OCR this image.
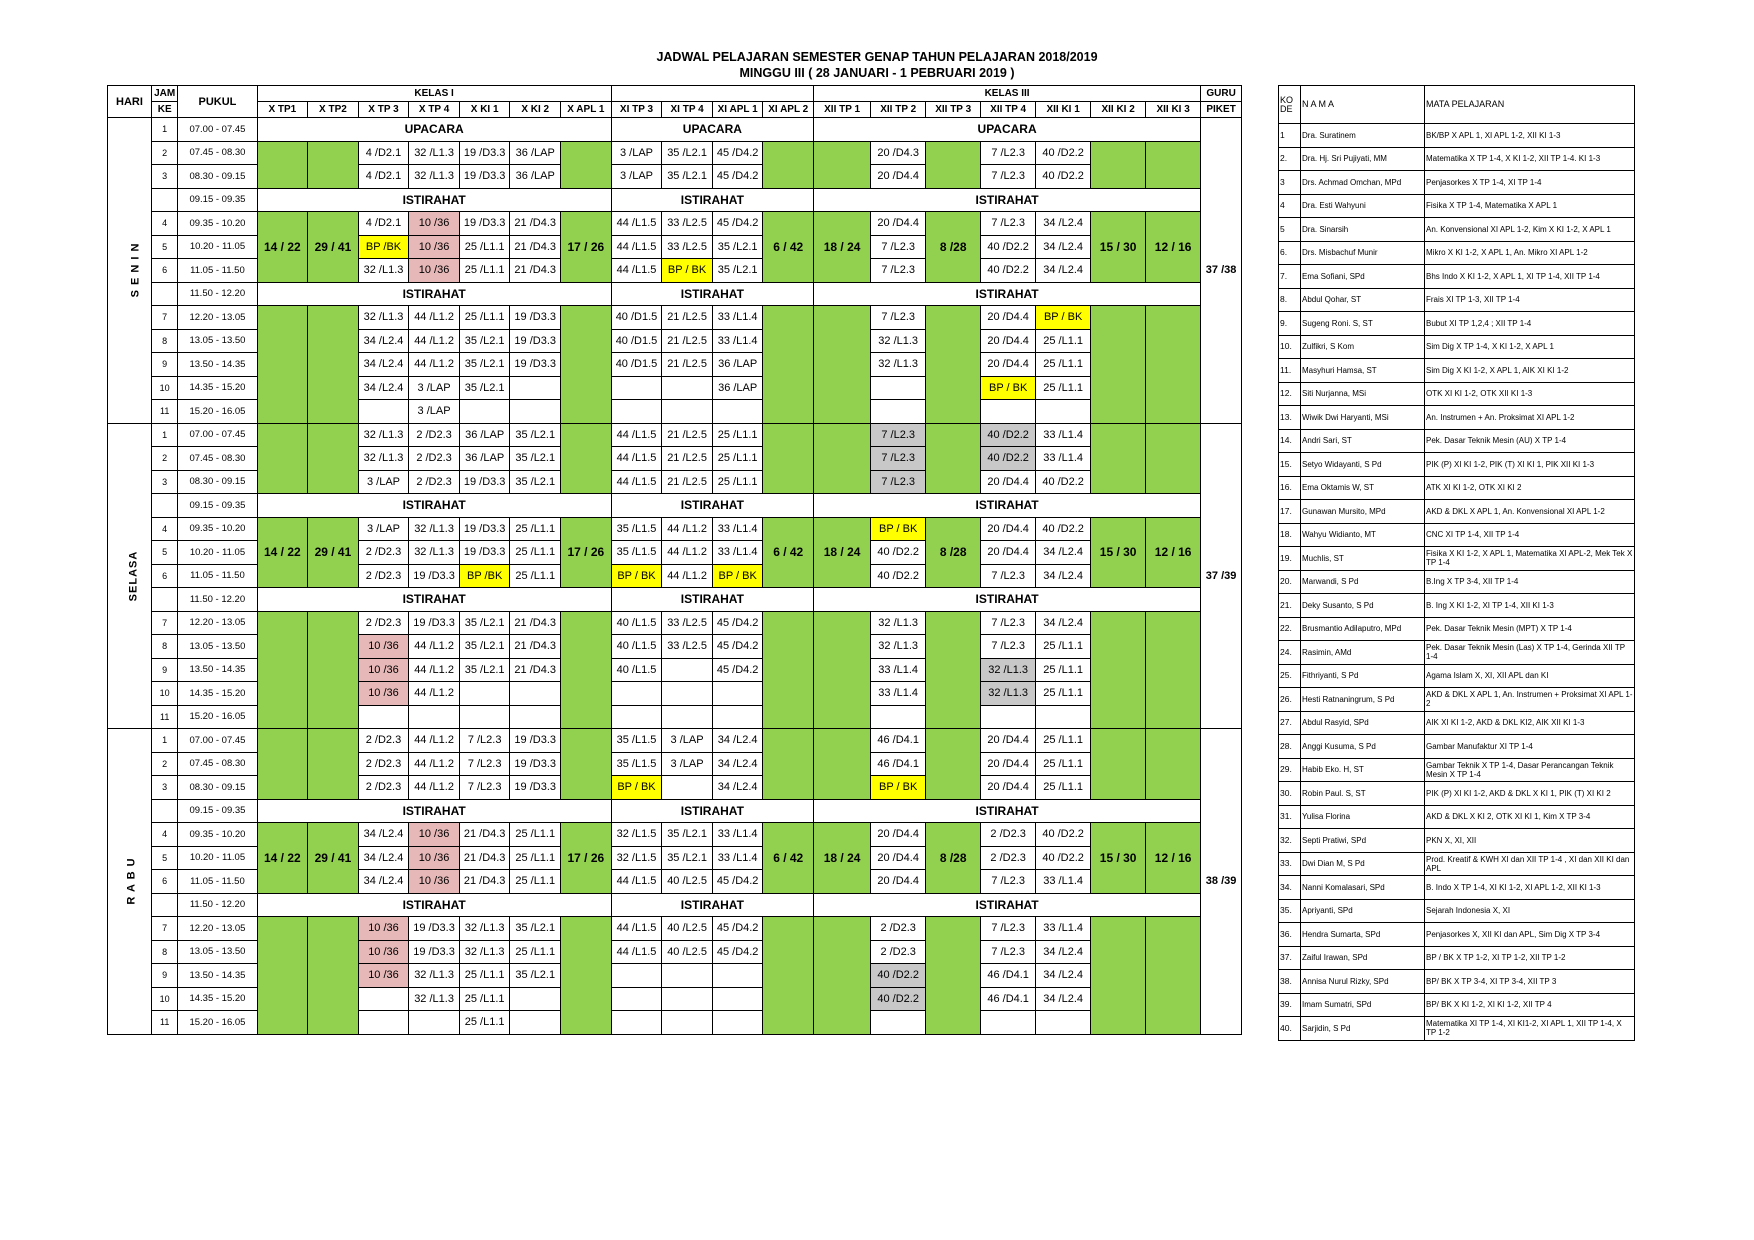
JADWAL PELAJARAN SEMESTER GENAP TAHUN PELAJARAN 2018/2019
MINGGU III ( 28 JANUARI - 1 PEBRUARI 2019 )
HARI	JAM	PUKUL	KELAS I											KELAS III							GURU
	KE		X TP1	X TP2	X TP 3	X TP 4	X KI 1	X KI 2	X APL 1	XI TP 3	XI TP 4	XI APL 1	XI APL 2	XII TP 1	XII TP 2	XII TP 3	XII TP 4	XII KI 1	XII KI 2	XII KI 3	PIKET
S E N I N	1	07.00 - 07.45	UPACARA							UPACARA				UPACARA							37 /38
	2	07.45 - 08.30			4 /D2.1	32 /L1.3	19 /D3.3	36 /LAP		3 /LAP	35 /L2.1	45 /D4.2			20 /D4.3		7 /L2.3	40 /D2.2			
	3	08.30 - 09.15			4 /D2.1	32 /L1.3	19 /D3.3	36 /LAP		3 /LAP	35 /L2.1	45 /D4.2			20 /D4.4		7 /L2.3	40 /D2.2			
		09.15 - 09.35	ISTIRAHAT							ISTIRAHAT				ISTIRAHAT							
	4	09.35 - 10.20	14 / 22	29 / 41	4 /D2.1	10 /36	19 /D3.3	21 /D4.3	17 / 26	44 /L1.5	33 /L2.5	45 /D4.2	6 / 42	18 / 24	20 /D4.4	8 /28	7 /L2.3	34 /L2.4	15 / 30	12 / 16	
	5	10.20 - 11.05			BP /BK	10 /36	25 /L1.1	21 /D4.3		44 /L1.5	33 /L2.5	35 /L2.1			7 /L2.3		40 /D2.2	34 /L2.4			
	6	11.05 - 11.50			32 /L1.3	10 /36	25 /L1.1	21 /D4.3		44 /L1.5	BP / BK	35 /L2.1			7 /L2.3		40 /D2.2	34 /L2.4			
		11.50 - 12.20	ISTIRAHAT							ISTIRAHAT				ISTIRAHAT							
	7	12.20 - 13.05			32 /L1.3	44 /L1.2	25 /L1.1	19 /D3.3		40 /D1.5	21 /L2.5	33 /L1.4			7 /L2.3		20 /D4.4	BP / BK			
	8	13.05 - 13.50			34 /L2.4	44 /L1.2	35 /L2.1	19 /D3.3		40 /D1.5	21 /L2.5	33 /L1.4			32 /L1.3		20 /D4.4	25 /L1.1			
	9	13.50 - 14.35			34 /L2.4	44 /L1.2	35 /L2.1	19 /D3.3		40 /D1.5	21 /L2.5	36 /LAP			32 /L1.3		20 /D4.4	25 /L1.1			
	10	14.35 - 15.20			34 /L2.4	3 /LAP	35 /L2.1					36 /LAP					BP / BK	25 /L1.1			
	11	15.20 - 16.05				3 /LAP															
SELASA	1	07.00 - 07.45			32 /L1.3	2 /D2.3	36 /LAP	35 /L2.1		44 /L1.5	21 /L2.5	25 /L1.1			7 /L2.3		40 /D2.2	33 /L1.4			37 /39
	2	07.45 - 08.30			32 /L1.3	2 /D2.3	36 /LAP	35 /L2.1		44 /L1.5	21 /L2.5	25 /L1.1			7 /L2.3		40 /D2.2	33 /L1.4			
	3	08.30 - 09.15			3 /LAP	2 /D2.3	19 /D3.3	35 /L2.1		44 /L1.5	21 /L2.5	25 /L1.1			7 /L2.3		20 /D4.4	40 /D2.2			
		09.15 - 09.35	ISTIRAHAT							ISTIRAHAT				ISTIRAHAT							
	4	09.35 - 10.20	14 / 22	29 / 41	3 /LAP	32 /L1.3	19 /D3.3	25 /L1.1	17 / 26	35 /L1.5	44 /L1.2	33 /L1.4	6 / 42	18 / 24	BP / BK	8 /28	20 /D4.4	40 /D2.2	15 / 30	12 / 16	
	5	10.20 - 11.05			2 /D2.3	32 /L1.3	19 /D3.3	25 /L1.1		35 /L1.5	44 /L1.2	33 /L1.4			40 /D2.2		20 /D4.4	34 /L2.4			
	6	11.05 - 11.50			2 /D2.3	19 /D3.3	BP /BK	25 /L1.1		BP / BK	44 /L1.2	BP / BK			40 /D2.2		7 /L2.3	34 /L2.4			
		11.50 - 12.20	ISTIRAHAT							ISTIRAHAT				ISTIRAHAT							
	7	12.20 - 13.05			2 /D2.3	19 /D3.3	35 /L2.1	21 /D4.3		40 /L1.5	33 /L2.5	45 /D4.2			32 /L1.3		7 /L2.3	34 /L2.4			
	8	13.05 - 13.50			10 /36	44 /L1.2	35 /L2.1	21 /D4.3		40 /L1.5	33 /L2.5	45 /D4.2			32 /L1.3		7 /L2.3	25 /L1.1			
	9	13.50 - 14.35			10 /36	44 /L1.2	35 /L2.1	21 /D4.3		40 /L1.5		45 /D4.2			33 /L1.4		32 /L1.3	25 /L1.1			
	10	14.35 - 15.20			10 /36	44 /L1.2									33 /L1.4		32 /L1.3	25 /L1.1			
	11	15.20 - 16.05																			
R A B U	1	07.00 - 07.45			2 /D2.3	44 /L1.2	7 /L2.3	19 /D3.3		35 /L1.5	3 /LAP	34 /L2.4			46 /D4.1		20 /D4.4	25 /L1.1			38 /39
	2	07.45 - 08.30			2 /D2.3	44 /L1.2	7 /L2.3	19 /D3.3		35 /L1.5	3 /LAP	34 /L2.4			46 /D4.1		20 /D4.4	25 /L1.1			
	3	08.30 - 09.15			2 /D2.3	44 /L1.2	7 /L2.3	19 /D3.3		BP / BK		34 /L2.4			BP / BK		20 /D4.4	25 /L1.1			
		09.15 - 09.35	ISTIRAHAT							ISTIRAHAT				ISTIRAHAT							
	4	09.35 - 10.20	14 / 22	29 / 41	34 /L2.4	10 /36	21 /D4.3	25 /L1.1	17 / 26	32 /L1.5	35 /L2.1	33 /L1.4	6 / 42	18 / 24	20 /D4.4	8 /28	2 /D2.3	40 /D2.2	15 / 30	12 / 16	
	5	10.20 - 11.05			34 /L2.4	10 /36	21 /D4.3	25 /L1.1		32 /L1.5	35 /L2.1	33 /L1.4			20 /D4.4		2 /D2.3	40 /D2.2			
	6	11.05 - 11.50			34 /L2.4	10 /36	21 /D4.3	25 /L1.1		44 /L1.5	40 /L2.5	45 /D4.2			20 /D4.4		7 /L2.3	33 /L1.4			
		11.50 - 12.20	ISTIRAHAT							ISTIRAHAT				ISTIRAHAT							
	7	12.20 - 13.05			10 /36	19 /D3.3	32 /L1.3	35 /L2.1		44 /L1.5	40 /L2.5	45 /D4.2			2 /D2.3		7 /L2.3	33 /L1.4			
	8	13.05 - 13.50			10 /36	19 /D3.3	32 /L1.3	25 /L1.1		44 /L1.5	40 /L2.5	45 /D4.2			2 /D2.3		7 /L2.3	34 /L2.4			
	9	13.50 - 14.35			10 /36	32 /L1.3	25 /L1.1	35 /L2.1							40 /D2.2		46 /D4.1	34 /L2.4			
	10	14.35 - 15.20				32 /L1.3	25 /L1.1								40 /D2.2		46 /D4.1	34 /L2.4			
	11	15.20 - 16.05					25 /L1.1														
KO DE	N A M A	MATA PELAJARAN
1	Dra. Suratinem	BK/BP X APL 1, XI APL 1-2, XII KI 1-3
2.	Dra. Hj. Sri Pujiyati, MM	Matematika X TP 1-4, X KI 1-2, XII TP 1-4. KI 1-3
3	Drs. Achmad Omchan, MPd	Penjasorkes X TP 1-4, XI TP 1-4
4	Dra. Esti Wahyuni	Fisika X TP 1-4, Matematika X APL 1
5	Dra. Sinarsih	An. Konvensional XI APL 1-2, Kim X KI 1-2, X APL 1
6.	Drs. Misbachuf Munir	Mikro X KI 1-2, X APL 1, An. Mikro XI APL 1-2
7.	Ema Sofiani, SPd	Bhs Indo X KI 1-2, X APL 1, XI TP 1-4, XII TP 1-4
8.	Abdul Qohar, ST	Frais XI TP 1-3, XII TP 1-4
9.	Sugeng Roni. S, ST	Bubut XI TP 1,2,4 ; XII TP 1-4
10.	Zulfikri, S Kom	Sim Dig X TP 1-4, X KI 1-2, X APL 1
11.	Masyhuri Hamsa, ST	Sim Dig X KI 1-2, X APL 1, AIK XI KI 1-2
12.	Siti Nurjanna, MSi	OTK XI KI 1-2, OTK XII KI 1-3
13.	Wiwik Dwi Haryanti, MSi	An. Instrumen + An. Proksimat XI APL 1-2
14.	Andri Sari, ST	Pek. Dasar Teknik Mesin (AU) X TP 1-4
15.	Setyo Widayanti, S Pd	PIK (P) XI KI 1-2, PIK (T) XI KI 1, PIK XII KI 1-3
16.	Ema Oktamis W, ST	ATK XI KI 1-2, OTK XI KI 2
17.	Gunawan Mursito, MPd	AKD & DKL X APL 1, An. Konvensional XI APL 1-2
18.	Wahyu Widianto, MT	CNC XI TP 1-4, XII TP 1-4
19.	Muchlis, ST	Fisika X KI 1-2, X APL 1, Matematika XI APL-2, Mek Tek X TP 1-4
20.	Marwandi, S Pd	B.Ing X TP 3-4, XII TP 1-4
21.	Deky Susanto, S Pd	B. Ing X KI 1-2, XI TP 1-4, XII KI 1-3
22.	Brusmantio Adilaputro, MPd	Pek. Dasar Teknik Mesin (MPT) X TP 1-4
24.	Rasimin, AMd	Pek. Dasar Teknik Mesin (Las) X TP 1-4, Gerinda XII TP 1-4
25.	Fithriyanti, S Pd	Agama Islam X, XI, XII APL dan KI
26.	Hesti Ratnaningrum, S Pd	AKD & DKL X APL 1, An. Instrumen + Proksimat XI APL 1-2
27.	Abdul Rasyid, SPd	AIK XI KI 1-2, AKD & DKL KI2, AIK XII KI 1-3
28.	Anggi Kusuma, S Pd	Gambar Manufaktur XI TP 1-4
29.	Habib Eko. H, ST	Gambar Teknik X TP 1-4, Dasar Perancangan Teknik Mesin X TP 1-4
30.	Robin Paul. S, ST	PIK (P) XI KI 1-2, AKD & DKL X KI 1, PIK (T) XI KI 2
31.	Yulisa Florina	AKD & DKL X KI 2, OTK XI KI 1, Kim X TP 3-4
32.	Septi Pratiwi, SPd	PKN X, XI, XII
33.	Dwi Dian M, S Pd	Prod. Kreatif & KWH XI dan XII TP 1-4 , XI dan XII KI dan APL
34.	Nanni Komalasari, SPd	B. Indo X TP 1-4, XI KI 1-2, XI APL 1-2, XII KI 1-3
35.	Apriyanti, SPd	Sejarah Indonesia X, XI
36.	Hendra Sumarta, SPd	Penjasorkes X, XII KI dan APL, Sim Dig X TP 3-4
37.	Zaiful Irawan, SPd	BP / BK X TP 1-2, XI TP 1-2, XII TP 1-2
38.	Annisa Nurul Rizky, SPd	BP/ BK X TP 3-4, XI TP 3-4, XII TP 3
39.	Imam Sumatri, SPd	BP/ BK X KI 1-2, XI KI 1-2, XII TP 4
40.	Sarjidin, S Pd	Matematika XI TP 1-4, XI KI1-2, XI APL 1, XII TP 1-4, X TP 1-2
